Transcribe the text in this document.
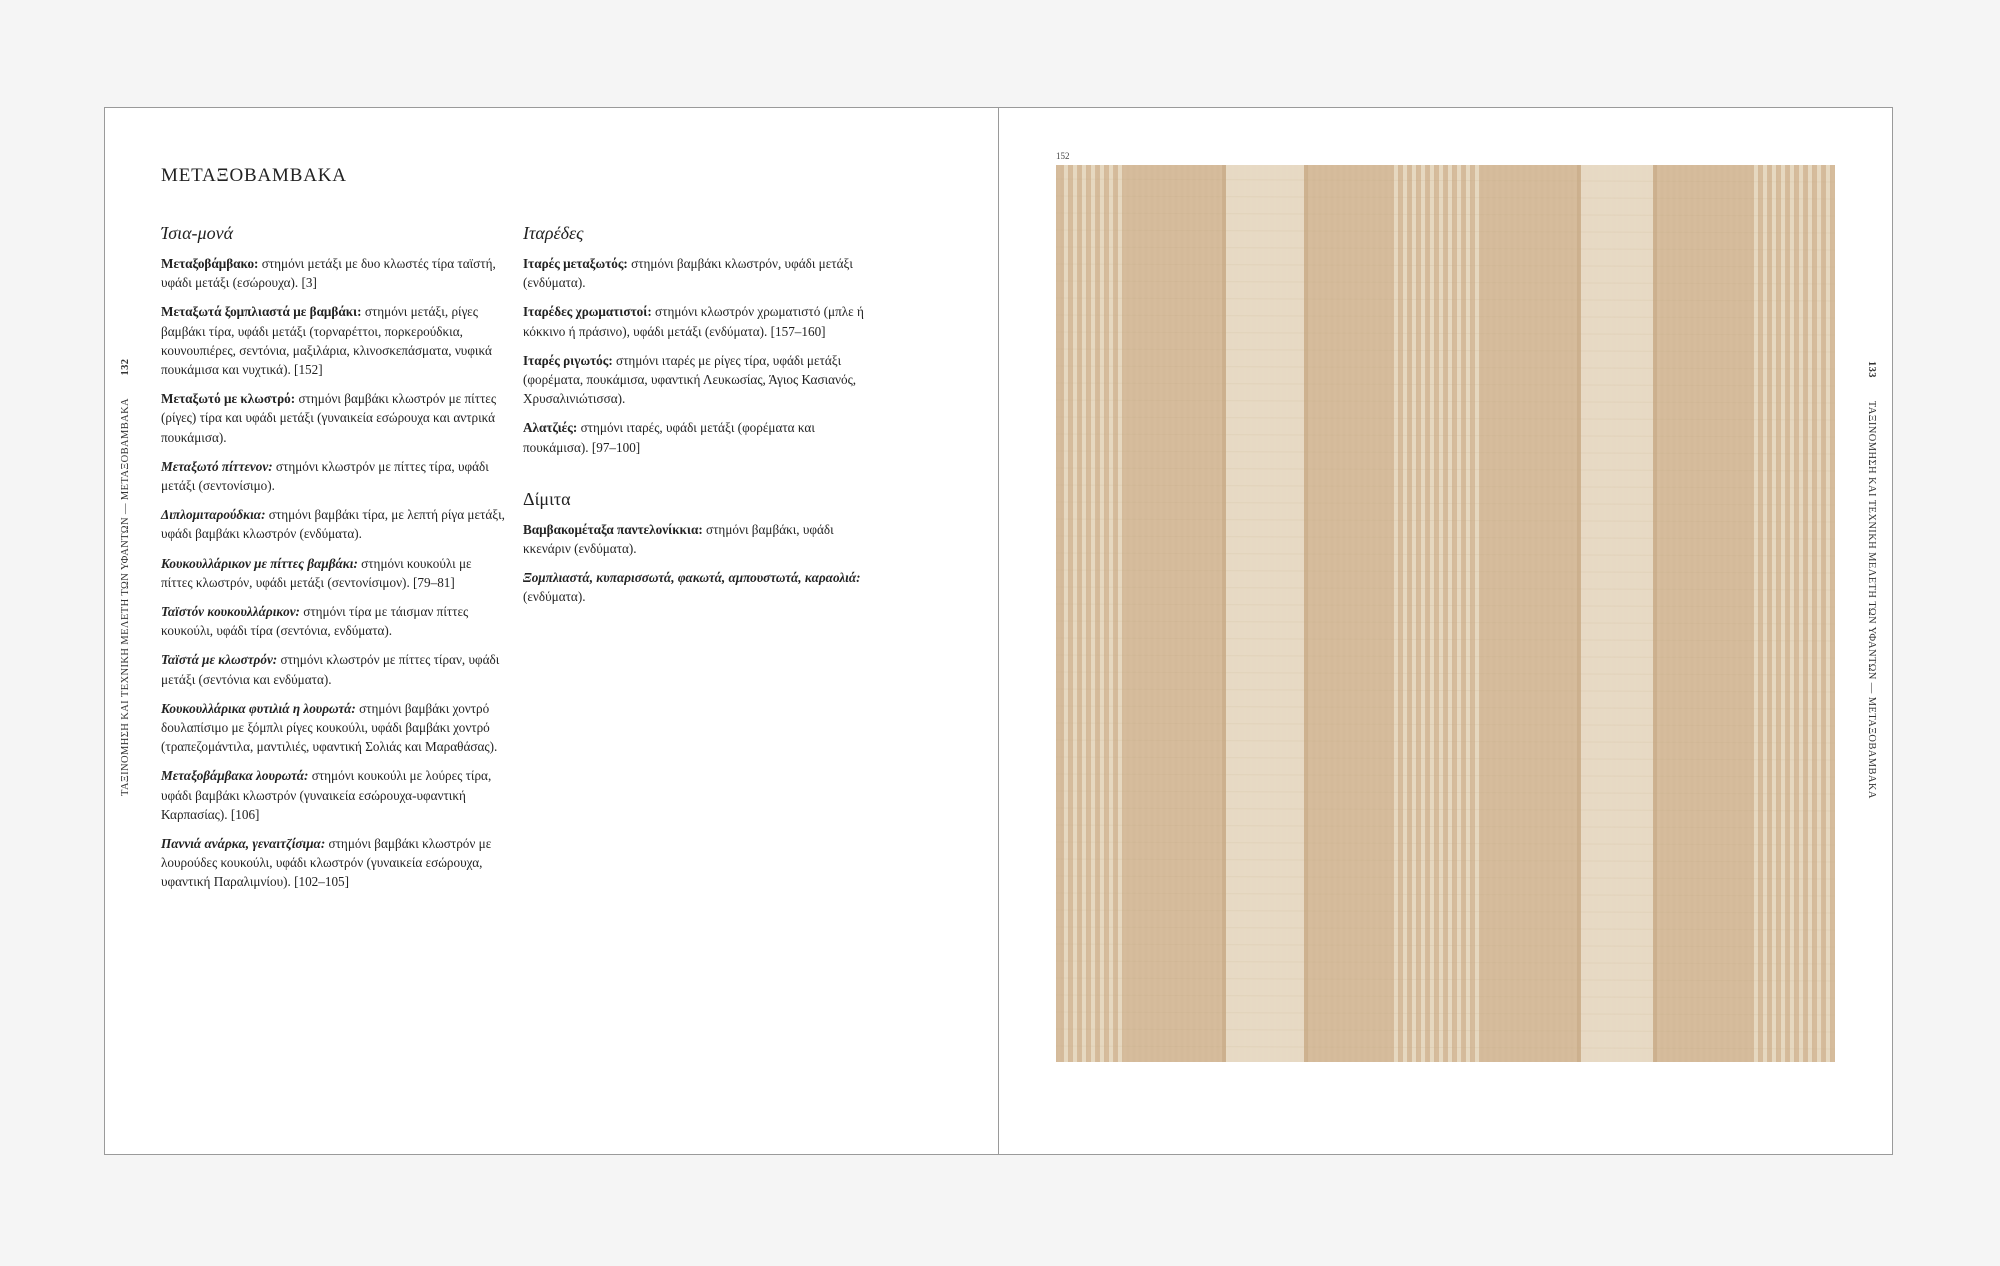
ΤΑΞΙΝΟΜΗΣΗ ΚΑΙ ΤΕΧΝΙΚΗ ΜΕΛΕΤΗ ΤΩΝ ΥΦΑΝΤΩΝ — ΜΕΤΑΞΟΒΑΜΒΑΚΑ 132
ΜΕΤΑΞΟΒΑΜΒΑΚΑ
Ίσια-μονά

Μεταξοβάμβακο: στημόνι μετάξι με δυο κλωστές τίρα ταϊστή, υφάδι μετάξι (εσώρουχα). [3]

Μεταξωτά ξομπλιαστά με βαμβάκι: στημόνι μετάξι, ρίγες βαμβάκι τίρα, υφάδι μετάξι (τορναρέττοι, πορκερούδκια, κουνουπιέρες, σεντόνια, μαξιλάρια, κλινοσκεπάσματα, νυφικά πουκάμισα και νυχτικά). [152]

Μεταξωτό με κλωστρό: στημόνι βαμβάκι κλωστρόν με πίττες (ρίγες) τίρα και υφάδι μετάξι (γυναικεία εσώρουχα και αντρικά πουκάμισα).

Μεταξωτό πίττενον: στημόνι κλωστρόν με πίττες τίρα, υφάδι μετάξι (σεντονίσιμο).

Διπλομιταρούδκια: στημόνι βαμβάκι τίρα, με λεπτή ρίγα μετάξι, υφάδι βαμβάκι κλωστρόν (ενδύματα).

Κουκουλλάρικον με πίττες βαμβάκι: στημόνι κουκούλι με πίττες κλωστρόν, υφάδι μετάξι (σεντονίσιμον). [79–81]

Ταϊστόν κουκουλλάρικον: στημόνι τίρα με τάισμαν πίττες κουκούλι, υφάδι τίρα (σεντόνια, ενδύματα).

Ταϊστά με κλωστρόν: στημόνι κλωστρόν με πίττες τίραν, υφάδι μετάξι (σεντόνια και ενδύματα).

Κουκουλλάρικα φυτιλιά η λουρωτά: στημόνι βαμβάκι χοντρό δουλαπίσιμο με ξόμπλι ρίγες κουκούλι, υφάδι βαμβάκι χοντρό (τραπεζομάντιλα, μαντιλιές, υφαντική Σολιάς και Μαραθάσας).

Μεταξοβάμβακα λουρωτά: στημόνι κουκούλι με λούρες τίρα, υφάδι βαμβάκι κλωστρόν (γυναικεία εσώρουχα-υφαντική Καρπασίας). [106]

Παννιά ανάρκα, γεναιτζίσιμα: στημόνι βαμβάκι κλωστρόν με λουρούδες κουκούλι, υφάδι κλωστρόν (γυναικεία εσώρουχα, υφαντική Παραλιμνίου). [102–105]

Ιταρέδες

Ιταρές μεταξωτός: στημόνι βαμβάκι κλωστρόν, υφάδι μετάξι (ενδύματα).

Ιταρέδες χρωματιστοί: στημόνι κλωστρόν χρωματιστό (μπλε ή κόκκινο ή πράσινο), υφάδι μετάξι (ενδύματα). [157–160]

Ιταρές ριγωτός: στημόνι ιταρές με ρίγες τίρα, υφάδι μετάξι (φορέματα, πουκάμισα, υφαντική Λευκωσίας, Άγιος Κασιανός, Χρυσαλινιώτισσα).

Αλατζιές: στημόνι ιταρές, υφάδι μετάξι (φορέματα και πουκάμισα). [97–100]

Δίμιτα

Βαμβακομέταξα παντελονίκκια: στημόνι βαμβάκι, υφάδι κκενάριν (ενδύματα).

Ξομπλιαστά, κυπαρισσωτά, φακωτά, αμπουστωτά, καραολιά: (ενδύματα).

152
133 ΤΑΞΙΝΟΜΗΣΗ ΚΑΙ ΤΕΧΝΙΚΗ ΜΕΛΕΤΗ ΤΩΝ ΥΦΑΝΤΩΝ — ΜΕΤΑΞΟΒΑΜΒΑΚΑ
